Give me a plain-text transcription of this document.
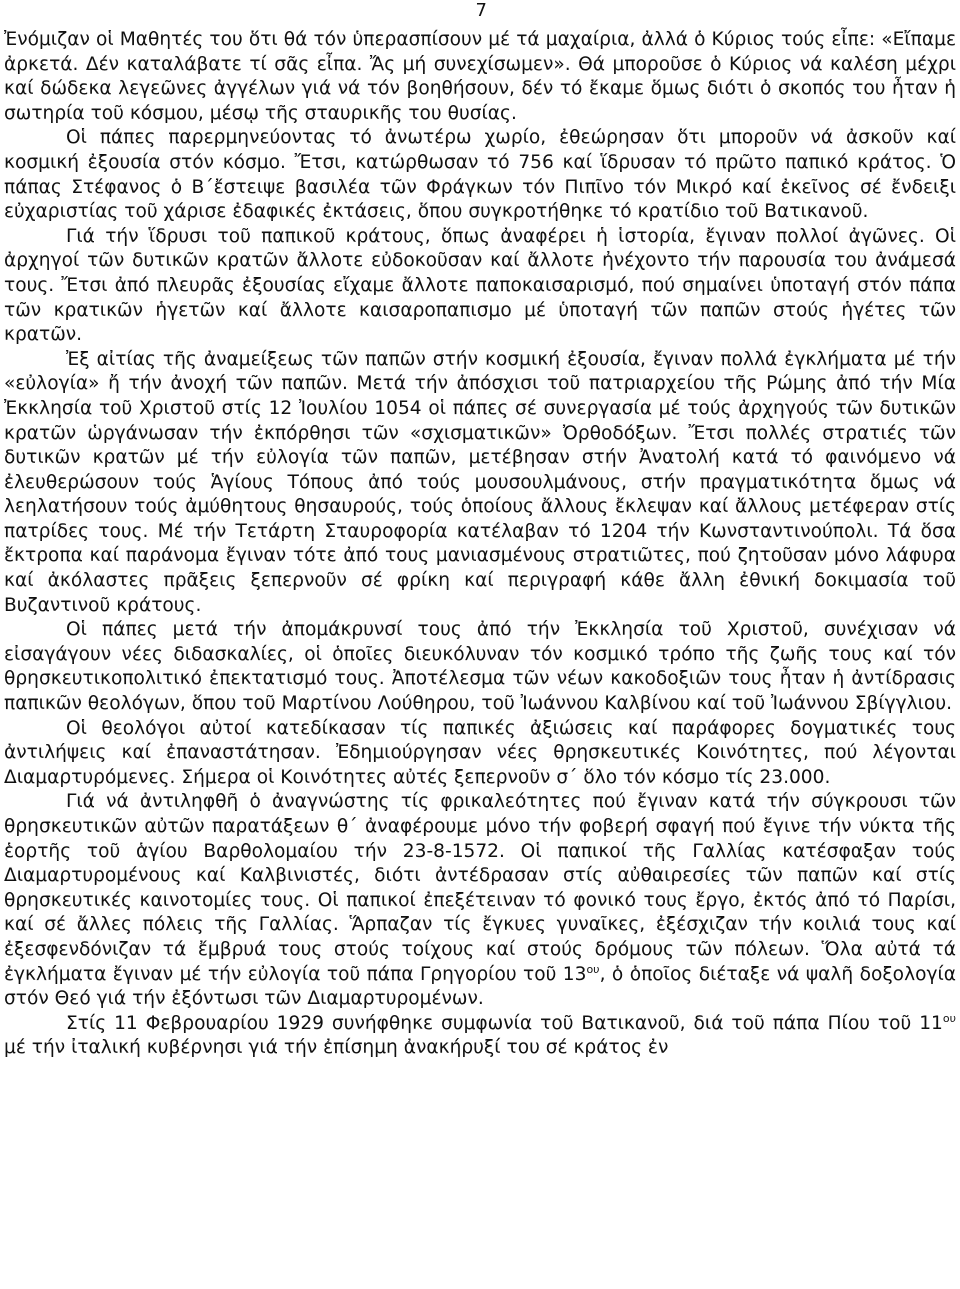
7

Ἐνόμιζαν οἱ Μαθητές του ὅτι θά τόν ὑπερασπίσουν μέ τά μαχαίρια, ἀλλά ὁ Κύριος τούς εἶπε: «Εἴπαμε ἀρκετά. Δέν καταλάβατε τί σᾶς εἶπα. Ἄς μή συνεχίσωμεν». Θά μποροῦσε ὁ Κύριος νά καλέση μέχρι καί δώδεκα λεγεῶνες ἀγγέλων γιά νά τόν βοηθήσουν, δέν τό ἔκαμε ὅμως διότι ὁ σκοπός του ἦταν ἡ σωτηρία τοῦ κόσμου, μέσῳ τῆς σταυρικῆς του θυσίας.

Οἱ πάπες παρερμηνεύοντας τό ἀνωτέρω χωρίο, ἐθεώρησαν ὅτι μποροῦν νά ἀσκοῦν καί κοσμική ἐξουσία στόν κόσμο. Ἔτσι, κατώρθωσαν τό 756 καί ἵδρυσαν τό πρῶτο παπικό κράτος. Ὁ πάπας Στέφανος ὁ Β΄ἔστειψε βασιλέα τῶν Φράγκων τόν Πιπῖνο τόν Μικρό καί ἐκεῖνος σέ ἔνδειξι εὐχαριστίας τοῦ χάρισε ἐδαφικές ἐκτάσεις, ὅπου συγκροτήθηκε τό κρατίδιο τοῦ Βατικανοῦ.

Γιά τήν ἵδρυσι τοῦ παπικοῦ κράτους, ὅπως ἀναφέρει ἡ ἱστορία, ἔγιναν πολλοί ἀγῶνες. Οἱ ἀρχηγοί τῶν δυτικῶν κρατῶν ἄλλοτε εὐδοκοῦσαν καί ἄλλοτε ἠνέχοντο τήν παρουσία του ἀνάμεσά τους. Ἔτσι ἀπό πλευρᾶς ἐξουσίας εἴχαμε ἄλλοτε παποκαισαρισμό, πού σημαίνει ὑποταγή στόν πάπα τῶν κρατικῶν ἡγετῶν καί ἄλλοτε καισαροπαπισμο μέ ὑποταγή τῶν παπῶν στούς ἡγέτες τῶν κρατῶν.

Ἐξ αἰτίας τῆς ἀναμείξεως τῶν παπῶν στήν κοσμική ἐξουσία, ἔγιναν πολλά ἐγκλήματα μέ τήν «εὐλογία» ἤ τήν ἀνοχή τῶν παπῶν. Μετά τήν ἀπόσχισι τοῦ πατριαρχείου τῆς Ρώμης ἀπό τήν Μία Ἐκκλησία τοῦ Χριστοῦ στίς 12 Ἰουλίου 1054 οἱ πάπες σέ συνεργασία μέ τούς ἀρχηγούς τῶν δυτικῶν κρατῶν ὡργάνωσαν τήν ἐκπόρθησι τῶν «σχισματικῶν» Ὀρθοδόξων. Ἔτσι πολλές στρατιές τῶν δυτικῶν κρατῶν μέ τήν εὐλογία τῶν παπῶν, μετέβησαν στήν Ἀνατολή κατά τό φαινόμενο νά ἐλευθερώσουν τούς Ἁγίους Τόπους ἀπό τούς μουσουλμάνους, στήν πραγματικότητα ὅμως νά λεηλατήσουν τούς ἀμύθητους θησαυρούς, τούς ὁποίους ἄλλους ἔκλεψαν καί ἄλλους μετέφεραν στίς πατρίδες τους. Μέ τήν Τετάρτη Σταυροφορία κατέλαβαν τό 1204 τήν Κωνσταντινούπολι. Τά ὅσα ἔκτροπα καί παράνομα ἔγιναν τότε ἀπό τους μανιασμένους στρατιῶτες, πού ζητοῦσαν μόνο λάφυρα καί ἀκόλαστες πρᾶξεις ξεπερνοῦν σέ φρίκη καί περιγραφή κάθε ἄλλη ἐθνική δοκιμασία τοῦ Βυζαντινοῦ κράτους.

Οἱ πάπες μετά τήν ἀπομάκρυνσί τους ἀπό τήν Ἐκκλησία τοῦ Χριστοῦ, συνέχισαν νά εἰσαγάγουν νέες διδασκαλίες, οἱ ὁποῖες διευκόλυναν τόν κοσμικό τρόπο τῆς ζωῆς τους καί τόν θρησκευτικοπολιτικό ἐπεκτατισμό τους. Ἀποτέλεσμα τῶν νέων κακοδοξιῶν τους ἦταν ἡ ἀντίδρασις παπικῶν θεολόγων, ὅπου τοῦ Μαρτίνου Λούθηρου, τοῦ Ἰωάννου Καλβίνου καί τοῦ Ἰωάννου Σβίγγλιου.

Οἱ θεολόγοι αὐτοί κατεδίκασαν τίς παπικές ἀξιώσεις καί παράφορες δογματικές τους ἀντιλήψεις καί ἐπαναστάτησαν. Ἐδημιούργησαν νέες θρησκευτικές Κοινότητες, πού λέγονται Διαμαρτυρόμενες. Σήμερα οἱ Κοινότητες αὐτές ξεπερνοῦν σ΄ ὅλο τόν κόσμο τίς 23.000.

Γιά νά ἀντιληφθῆ ὁ ἀναγνώστης τίς φρικαλεότητες πού ἔγιναν κατά τήν σύγκρουσι τῶν θρησκευτικῶν αὐτῶν παρατάξεων θ΄ ἀναφέρουμε μόνο τήν φοβερή σφαγή πού ἔγινε τήν νύκτα τῆς ἑορτῆς τοῦ ἁγίου Βαρθολομαίου τήν 23-8-1572. Οἱ παπικοί τῆς Γαλλίας κατέσφαξαν τούς Διαμαρτυρομένους καί Καλβινιστές, διότι ἀντέδρασαν στίς αὐθαιρεσίες τῶν παπῶν καί στίς θρησκευτικές καινοτομίες τους. Οἱ παπικοί ἐπεξέτειναν τό φονικό τους ἔργο, ἐκτός ἀπό τό Παρίσι, καί σέ ἄλλες πόλεις τῆς Γαλλίας. Ἅρπαζαν τίς ἔγκυες γυναῖκες, ἐξέσχιζαν τήν κοιλιά τους καί ἐξεσφενδόνιζαν τά ἔμβρυά τους στούς τοίχους καί στούς δρόμους τῶν πόλεων. Ὅλα αὐτά τά ἐγκλήματα ἔγιναν μέ τήν εὐλογία τοῦ πάπα Γρηγορίου τοῦ $13^{o\upsilon}$, ὁ ὁποῖος διέταξε νά ψαλῆ δοξολογία στόν Θεό γιά τήν ἐξόντωσι τῶν Διαμαρτυρομένων.

Στίς 11 Φεβρουαρίου 1929 συνήφθηκε συμφωνία τοῦ Βατικανοῦ, διά τοῦ πάπα Πίου τοῦ $11^{o\upsilon}$ μέ τήν ἰταλική κυβέρνησι γιά τήν ἐπίσημη ἀνακήρυξί του σέ κράτος ἐν
